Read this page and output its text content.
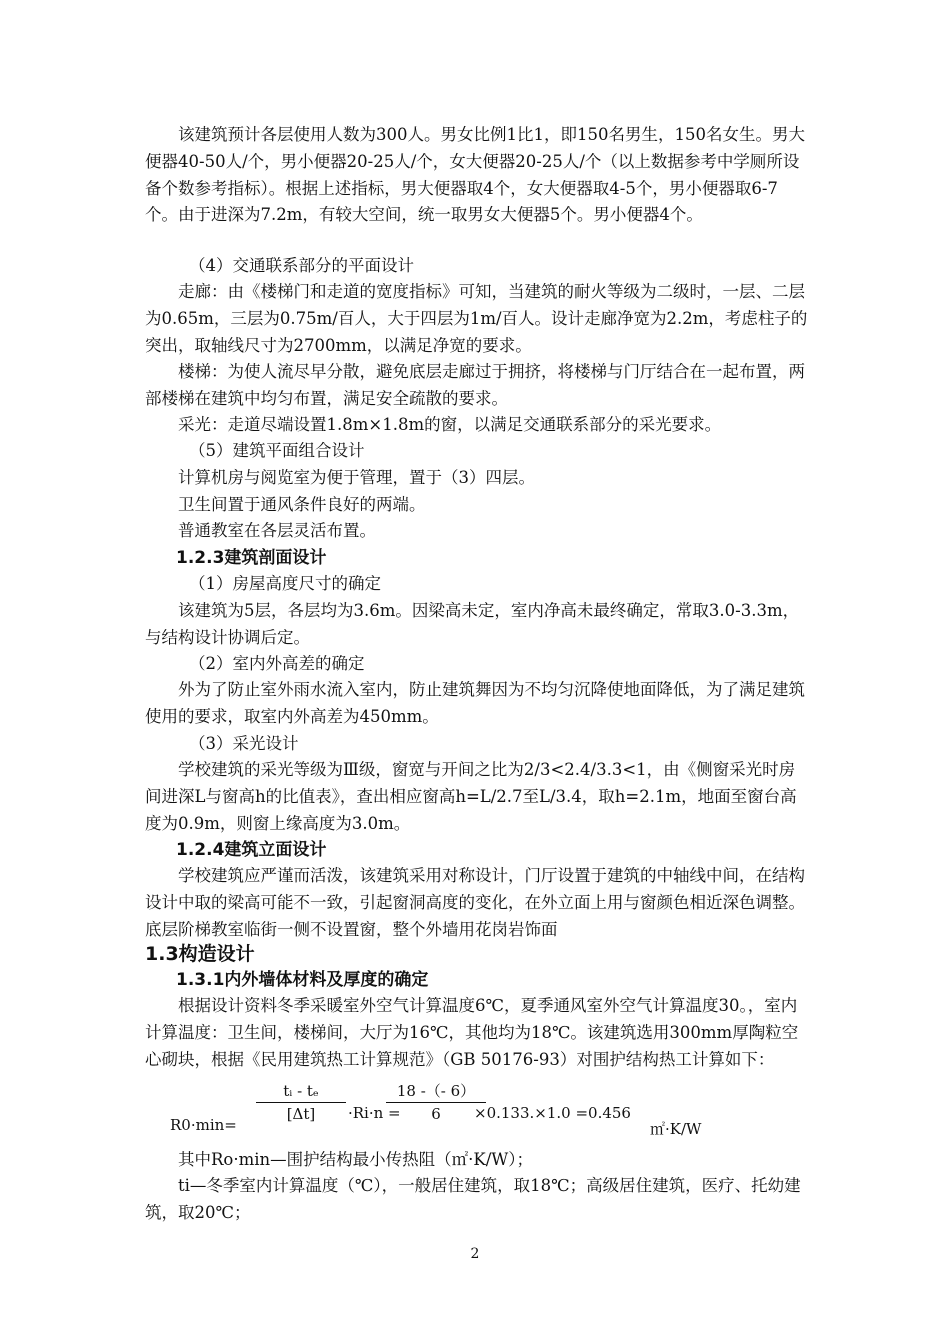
该建筑预计各层使用人数为300人。男女比例1比1，即150名男生，150名女生。男大便器40-50人/个，男小便器20-25人/个，女大便器20-25人/个（以上数据参考中学厕所设备个数参考指标）。根据上述指标，男大便器取4个，女大便器取4-5个，男小便器取6-7个。由于进深为7.2m，有较大空间，统一取男女大便器5个。男小便器4个。

（4）交通联系部分的平面设计

走廊：由《楼梯门和走道的宽度指标》可知，当建筑的耐火等级为二级时，一层、二层为0.65m，三层为0.75m/百人，大于四层为1m/百人。设计走廊净宽为2.2m，考虑柱子的突出，取轴线尺寸为2700mm，以满足净宽的要求。

楼梯：为使人流尽早分散，避免底层走廊过于拥挤，将楼梯与门厅结合在一起布置，两部楼梯在建筑中均匀布置，满足安全疏散的要求。

采光：走道尽端设置1.8m×1.8m的窗，以满足交通联系部分的采光要求。

（5）建筑平面组合设计

计算机房与阅览室为便于管理，置于（3）四层。

卫生间置于通风条件良好的两端。

普通教室在各层灵活布置。

1.2.3建筑剖面设计

（1）房屋高度尺寸的确定

该建筑为5层，各层均为3.6m。因梁高未定，室内净高未最终确定，常取3.0-3.3m，与结构设计协调后定。

（2）室内外高差的确定

外为了防止室外雨水流入室内，防止建筑舞因为不均匀沉降使地面降低，为了满足建筑使用的要求，取室内外高差为450mm。

（3）采光设计

学校建筑的采光等级为Ⅲ级，窗宽与开间之比为2/3<2.4/3.3<1，由《侧窗采光时房间进深L与窗高h的比值表》，查出相应窗高h=L/2.7至L/3.4，取h=2.1m，地面至窗台高度为0.9m，则窗上缘高度为3.0m。

1.2.4建筑立面设计

学校建筑应严谨而活泼，该建筑采用对称设计，门厅设置于建筑的中轴线中间，在结构设计中取的梁高可能不一致，引起窗洞高度的变化，在外立面上用与窗颜色相近深色调整。底层阶梯教室临街一侧不设置窗，整个外墙用花岗岩饰面

1.3构造设计

1.3.1内外墙体材料及厚度的确定

根据设计资料冬季采暖室外空气计算温度6℃，夏季通风室外空气计算温度30。，室内计算温度：卫生间，楼梯间，大厅为16℃，其他均为18℃。该建筑选用300mm厚陶粒空心砌块，根据《民用建筑热工计算规范》（GB 50176-93）对围护结构热工计算如下：

R0·min=
tᵢ - tₑ
[Δt]	·Ri·n =
18 -（- 6）
6	×0.133.×1.0 =0.456
㎡·K/W

其中Ro·min—围护结构最小传热阻（㎡·K/W）；

ti—冬季室内计算温度（℃），一般居住建筑，取18℃；高级居住建筑，医疗、托幼建筑，取20℃；

2
